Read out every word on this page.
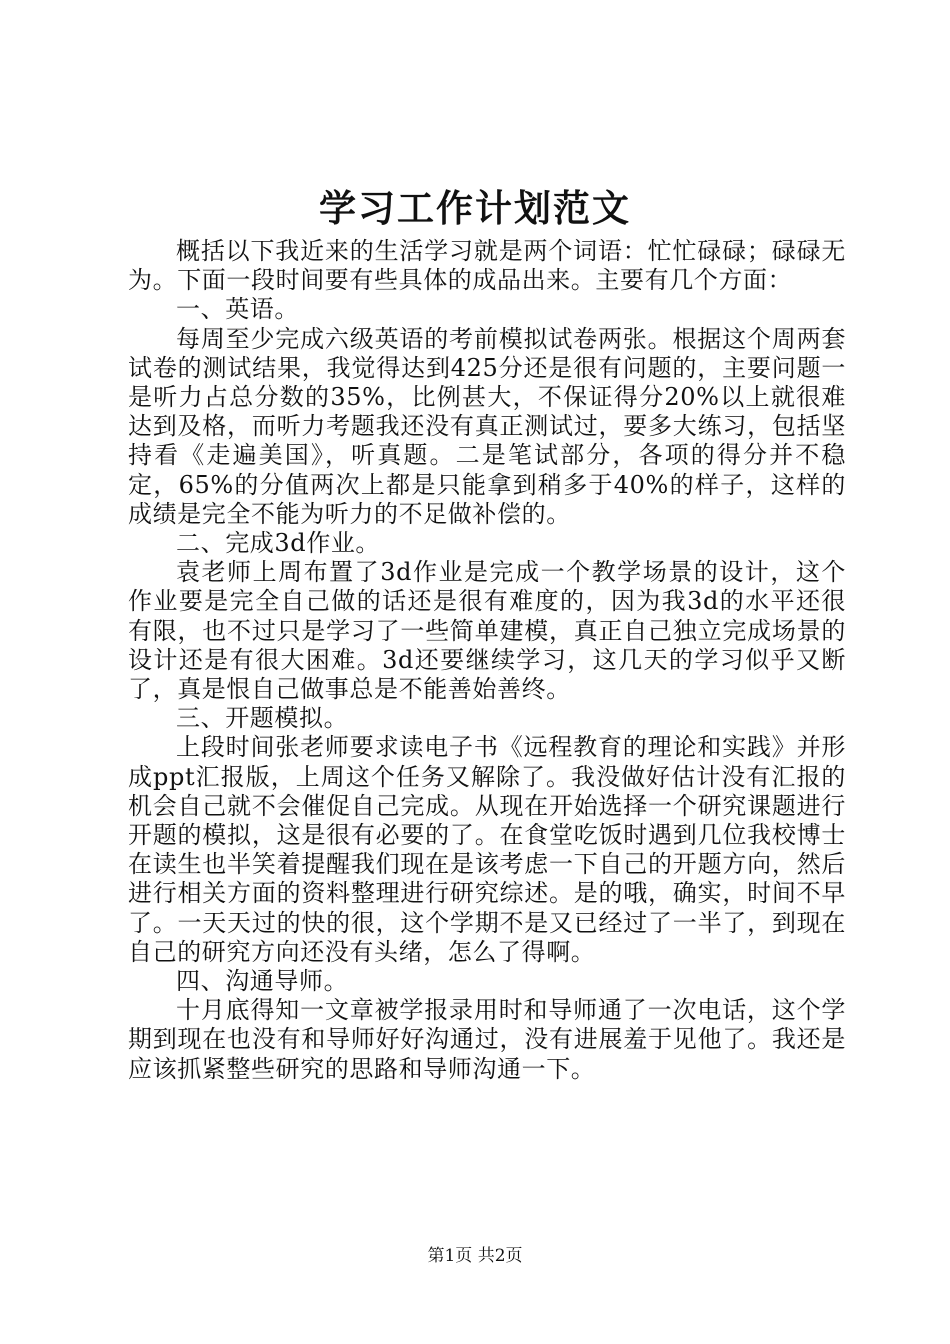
学习工作计划范文

概括以下我近来的生活学习就是两个词语：忙忙碌碌；碌碌无为。下面一段时间要有些具体的成品出来。主要有几个方面：

一、英语。

每周至少完成六级英语的考前模拟试卷两张。根据这个周两套试卷的测试结果，我觉得达到425分还是很有问题的，主要问题一是听力占总分数的35%，比例甚大，不保证得分20%以上就很难达到及格，而听力考题我还没有真正测试过，要多大练习，包括坚持看《走遍美国》，听真题。二是笔试部分，各项的得分并不稳定，65%的分值两次上都是只能拿到稍多于40%的样子，这样的成绩是完全不能为听力的不足做补偿的。

二、完成3d作业。

袁老师上周布置了3d作业是完成一个教学场景的设计，这个作业要是完全自己做的话还是很有难度的，因为我3d的水平还很有限，也不过只是学习了一些简单建模，真正自己独立完成场景的设计还是有很大困难。3d还要继续学习，这几天的学习似乎又断了，真是恨自己做事总是不能善始善终。

三、开题模拟。

上段时间张老师要求读电子书《远程教育的理论和实践》并形成ppt汇报版，上周这个任务又解除了。我没做好估计没有汇报的机会自己就不会催促自己完成。从现在开始选择一个研究课题进行开题的模拟，这是很有必要的了。在食堂吃饭时遇到几位我校博士在读生也半笑着提醒我们现在是该考虑一下自己的开题方向，然后进行相关方面的资料整理进行研究综述。是的哦，确实，时间不早了。一天天过的快的很，这个学期不是又已经过了一半了，到现在自己的研究方向还没有头绪，怎么了得啊。

四、沟通导师。

十月底得知一文章被学报录用时和导师通了一次电话，这个学期到现在也没有和导师好好沟通过，没有进展羞于见他了。我还是应该抓紧整些研究的思路和导师沟通一下。

第1页 共2页
